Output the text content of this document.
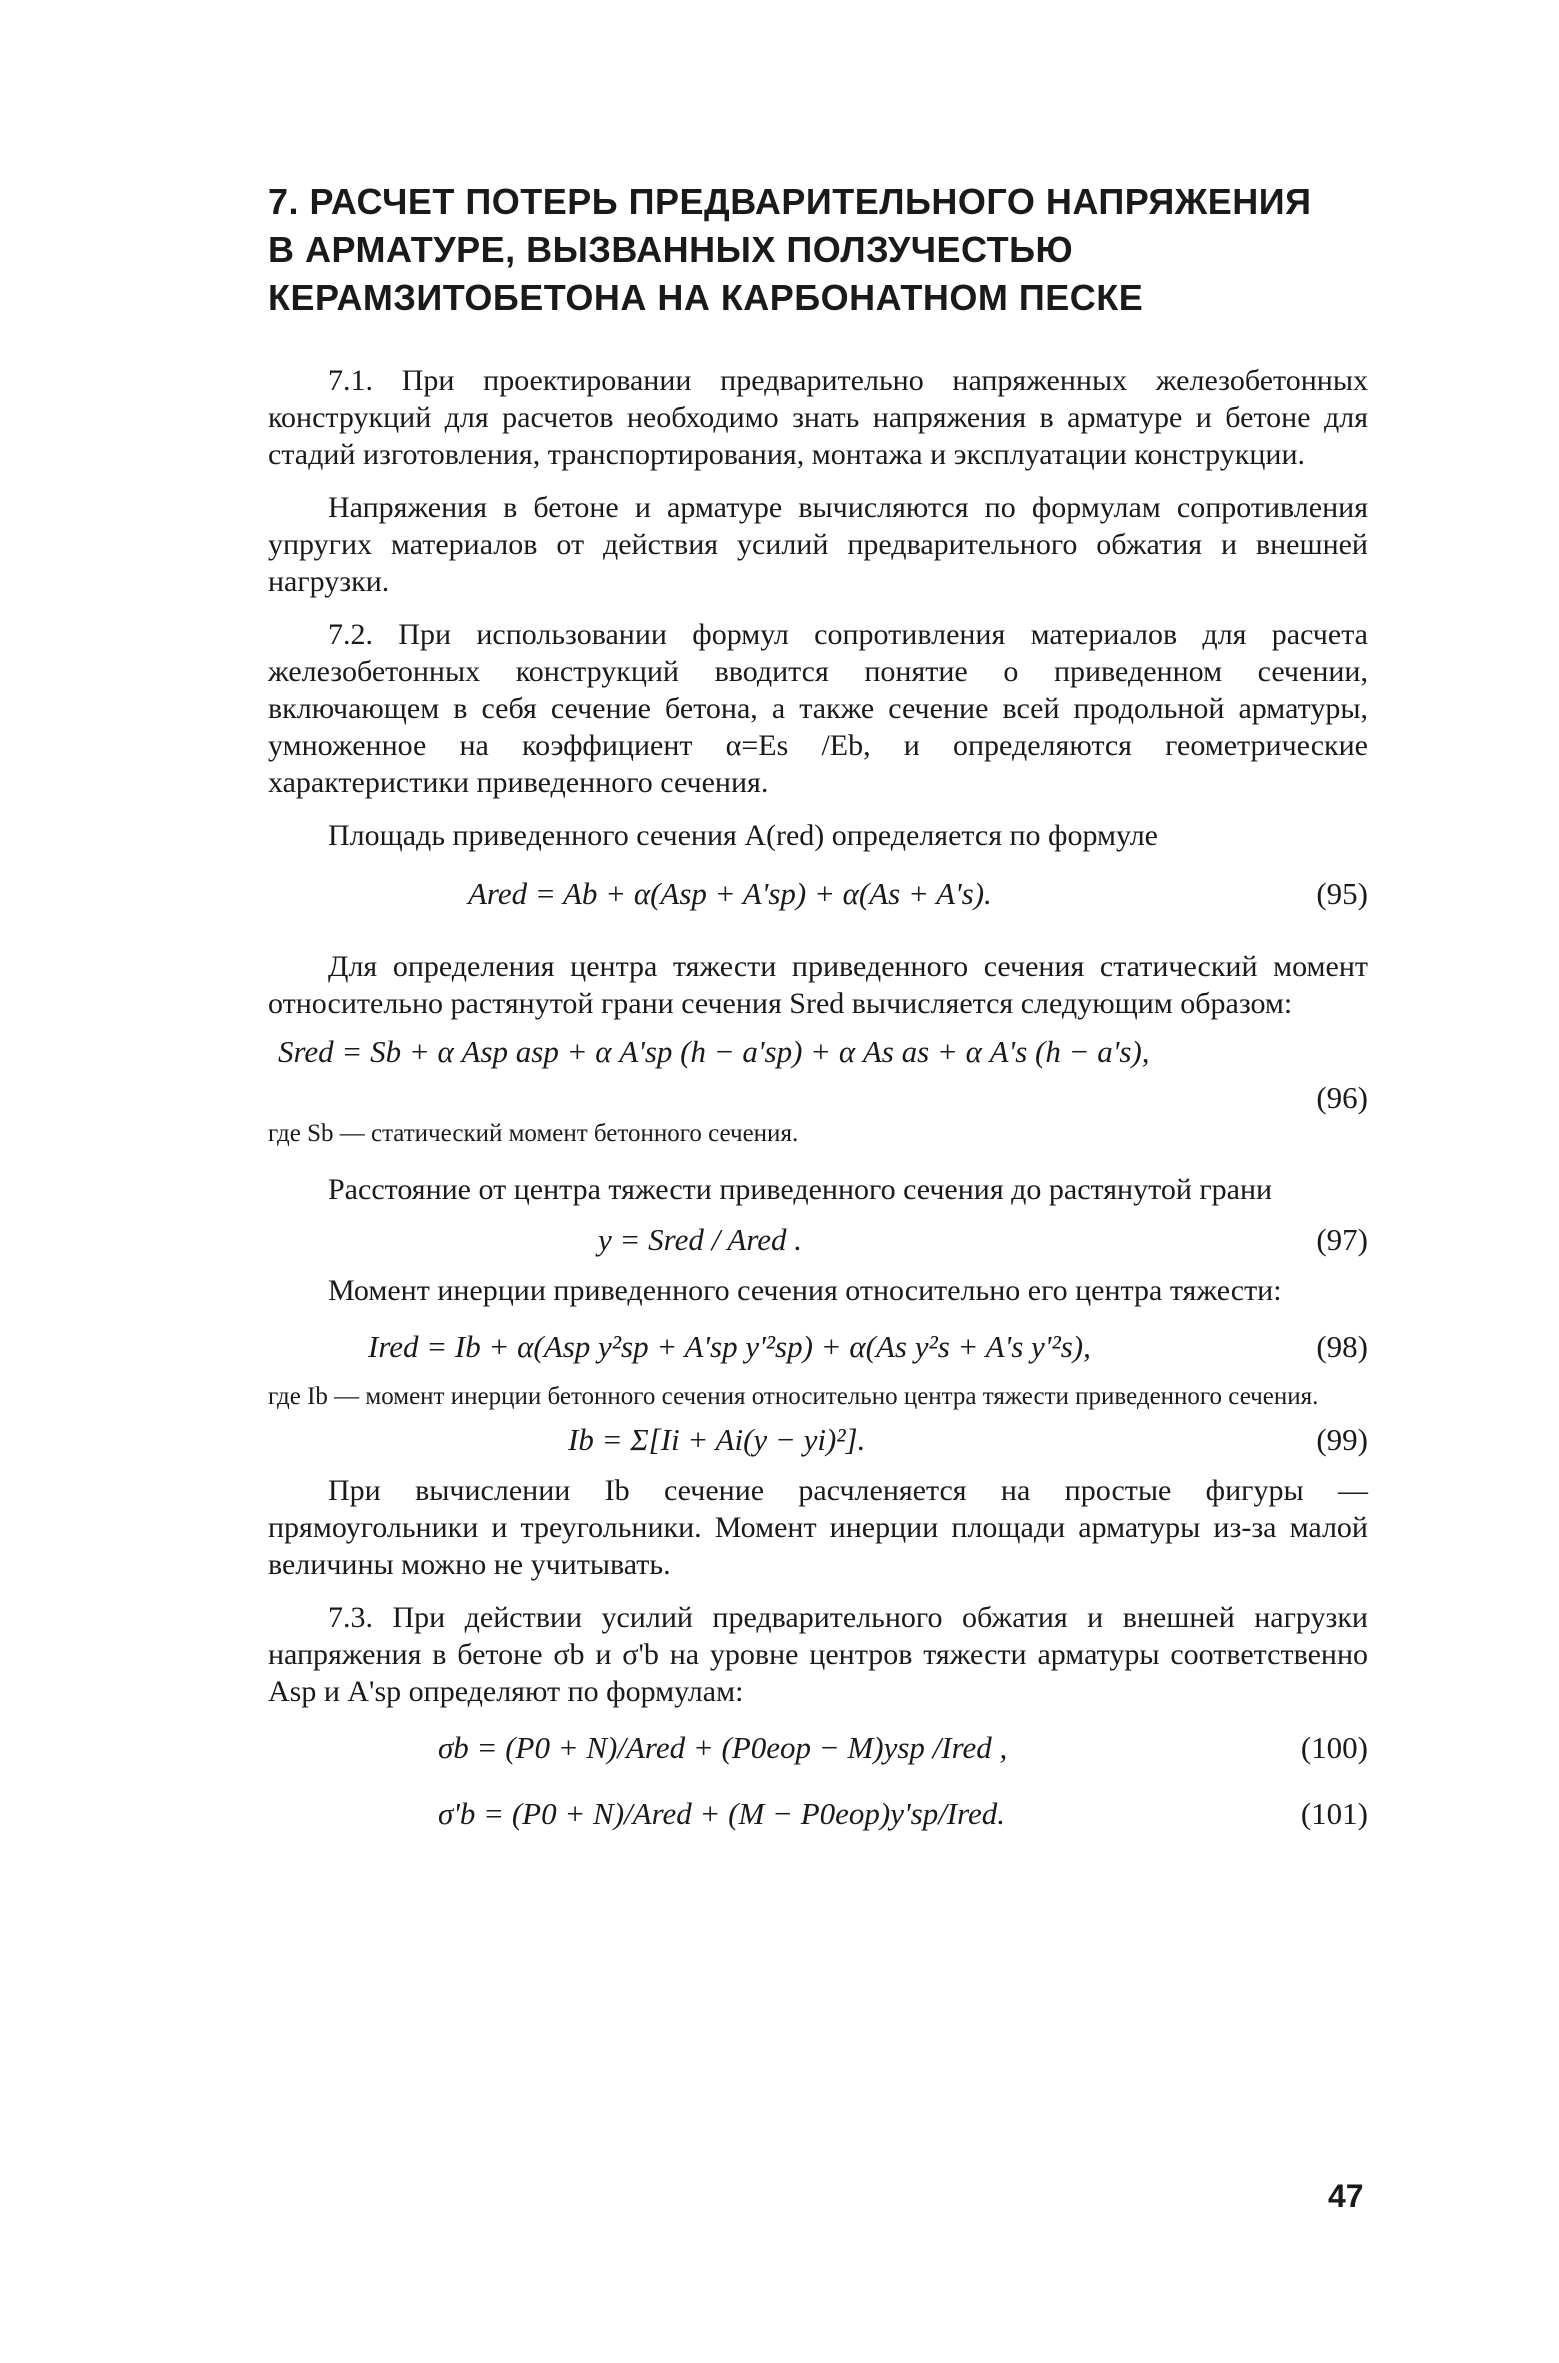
7. РАСЧЕТ ПОТЕРЬ ПРЕДВАРИТЕЛЬНОГО НАПРЯЖЕНИЯ
В АРМАТУРЕ, ВЫЗВАННЫХ ПОЛЗУЧЕСТЬЮ
КЕРАМЗИТОБЕТОНА НА КАРБОНАТНОМ ПЕСКЕ

7.1. При проектировании предварительно напряженных железобетонных конструкций для расчетов необходимо знать напряжения в арматуре и бетоне для стадий изготовления, транспортирования, монтажа и эксплуатации конструкции.

Напряжения в бетоне и арматуре вычисляются по формулам сопротивления упругих материалов от действия усилий предварительного обжатия и внешней нагрузки.

7.2. При использовании формул сопротивления материалов для расчета железобетонных конструкций вводится понятие о приведенном сечении, включающем в себя сечение бетона, а также сечение всей продольной арматуры, умноженное на коэффициент α=Es /Eb, и определяются геометрические характеристики приведенного сечения.

Площадь приведенного сечения A(red) определяется по формуле

Ared = Ab + α(Asp + A'sp) + α(As + A's).	(95)

Для определения центра тяжести приведенного сечения статический момент относительно растянутой грани сечения Sred вычисляется следующим образом:

Sred = Sb + α Asp asp + α A'sp (h − a'sp) + α As as + α A's (h − a's),
(96)

где Sb — статический момент бетонного сечения.

Расстояние от центра тяжести приведенного сечения до растянутой грани

y = Sred / Ared .	(97)

Момент инерции приведенного сечения относительно его центра тяжести:

Ired = Ib + α(Asp y²sp + A'sp y'²sp) + α(As y²s + A's y'²s),	(98)

где Ib — момент инерции бетонного сечения относительно центра тяжести приведенного сечения.

Ib = Σ[Ii + Ai(y − yi)²].	(99)

При вычислении Ib сечение расчленяется на простые фигуры — прямоугольники и треугольники. Момент инерции площади арматуры из-за малой величины можно не учитывать.

7.3. При действии усилий предварительного обжатия и внешней нагрузки напряжения в бетоне σb и σ'b на уровне центров тяжести арматуры соответственно Asp и A'sp определяют по формулам:

σb = (P0 + N)/Ared + (P0eop − M)ysp /Ired ,	(100)
σ'b = (P0 + N)/Ared + (M − P0eop)y'sp/Ired.	(101)
47
